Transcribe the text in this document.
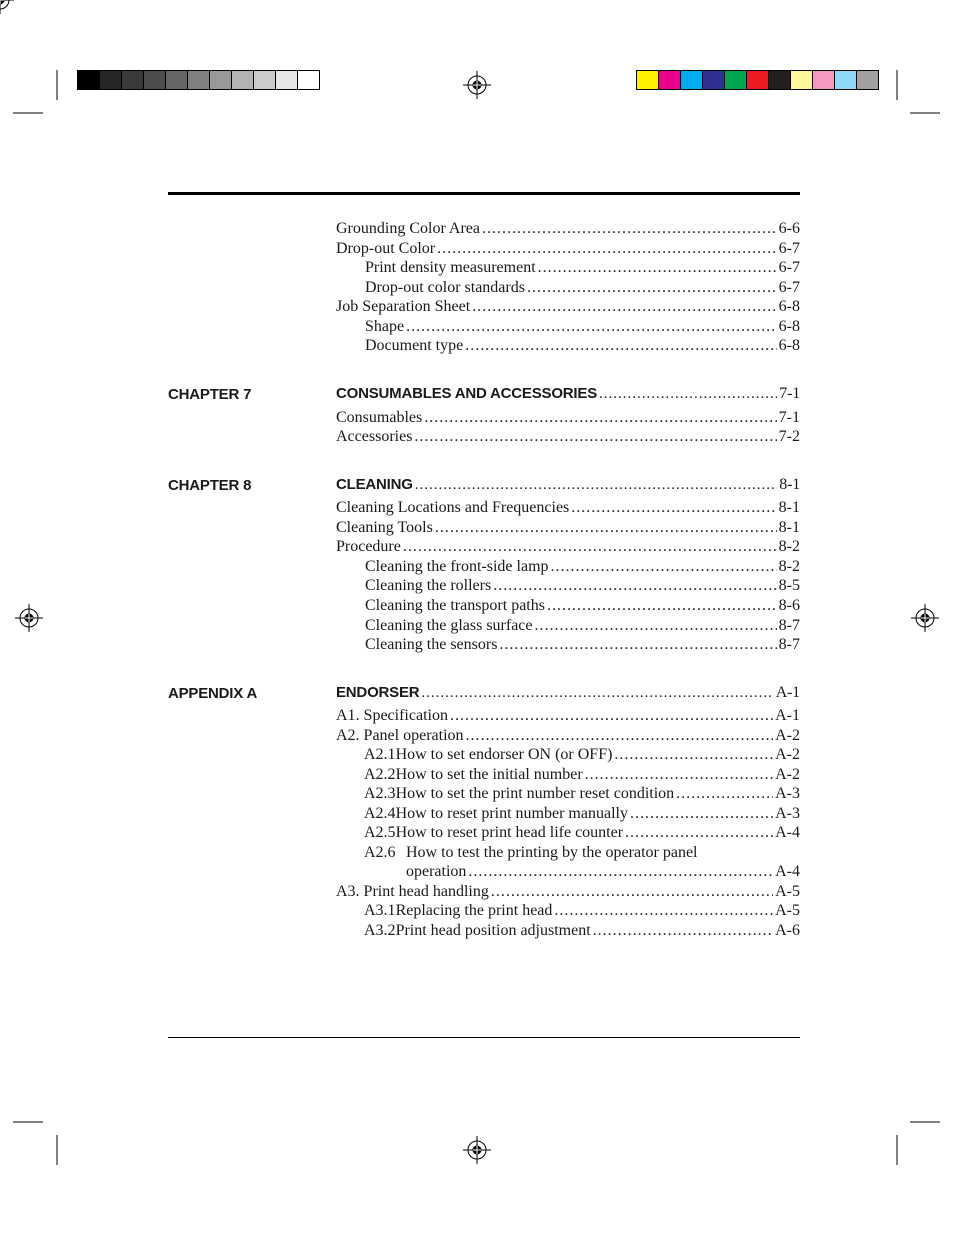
Grounding Color Area .....	6-6
Drop-out Color .....	6-7
Print density measurement .....	6-7
Drop-out color standards .....	6-7
Job Separation Sheet .....	6-8
Shape .....	6-8
Document type .....	6-8
CHAPTER 7	CONSUMABLES AND ACCESSORIES .....	7-1
Consumables .....	7-1
Accessories .....	7-2
CHAPTER 8	CLEANING .....	8-1
Cleaning Locations and Frequencies .....	8-1
Cleaning Tools .....	8-1
Procedure .....	8-2
Cleaning the front-side lamp .....	8-2
Cleaning the rollers .....	8-5
Cleaning the transport paths .....	8-6
Cleaning the glass surface .....	8-7
Cleaning the sensors .....	8-7
APPENDIX A	ENDORSER .....	A-1
A1. Specification .....	A-1
A2. Panel operation .....	A-2
A2.1 How to set endorser ON (or OFF) .....	A-2
A2.2 How to set the initial number .....	A-2
A2.3 How to set the print number reset condition .....	A-3
A2.4 How to reset print number manually .....	A-3
A2.5 How to reset print head life counter .....	A-4
A2.6 How to test the printing by the operator panel
operation .....	A-4
A3. Print head handling .....	A-5
A3.1 Replacing the print head .....	A-5
A3.2 Print head position adjustment .....	A-6
